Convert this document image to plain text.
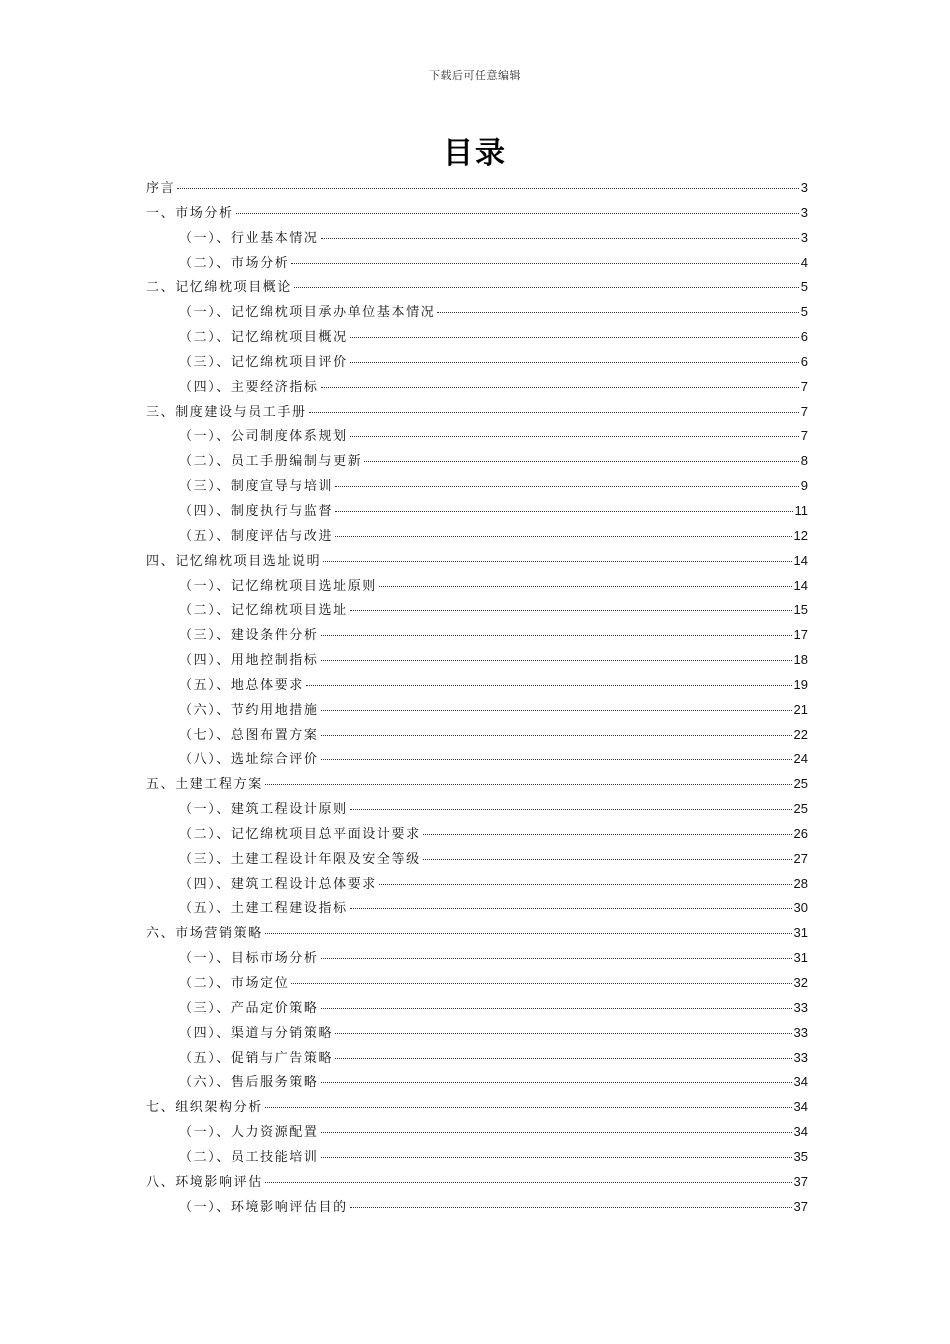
下载后可任意编辑
目录
序言	3
一、市场分析	3
（一）、行业基本情况	3
（二）、市场分析	4
二、记忆绵枕项目概论	5
（一）、记忆绵枕项目承办单位基本情况	5
（二）、记忆绵枕项目概况	6
（三）、记忆绵枕项目评价	6
（四）、主要经济指标	7
三、制度建设与员工手册	7
（一）、公司制度体系规划	7
（二）、员工手册编制与更新	8
（三）、制度宣导与培训	9
（四）、制度执行与监督	11
（五）、制度评估与改进	12
四、记忆绵枕项目选址说明	14
（一）、记忆绵枕项目选址原则	14
（二）、记忆绵枕项目选址	15
（三）、建设条件分析	17
（四）、用地控制指标	18
（五）、地总体要求	19
（六）、节约用地措施	21
（七）、总图布置方案	22
（八）、选址综合评价	24
五、土建工程方案	25
（一）、建筑工程设计原则	25
（二）、记忆绵枕项目总平面设计要求	26
（三）、土建工程设计年限及安全等级	27
（四）、建筑工程设计总体要求	28
（五）、土建工程建设指标	30
六、市场营销策略	31
（一）、目标市场分析	31
（二）、市场定位	32
（三）、产品定价策略	33
（四）、渠道与分销策略	33
（五）、促销与广告策略	33
（六）、售后服务策略	34
七、组织架构分析	34
（一）、人力资源配置	34
（二）、员工技能培训	35
八、环境影响评估	37
（一）、环境影响评估目的	37
